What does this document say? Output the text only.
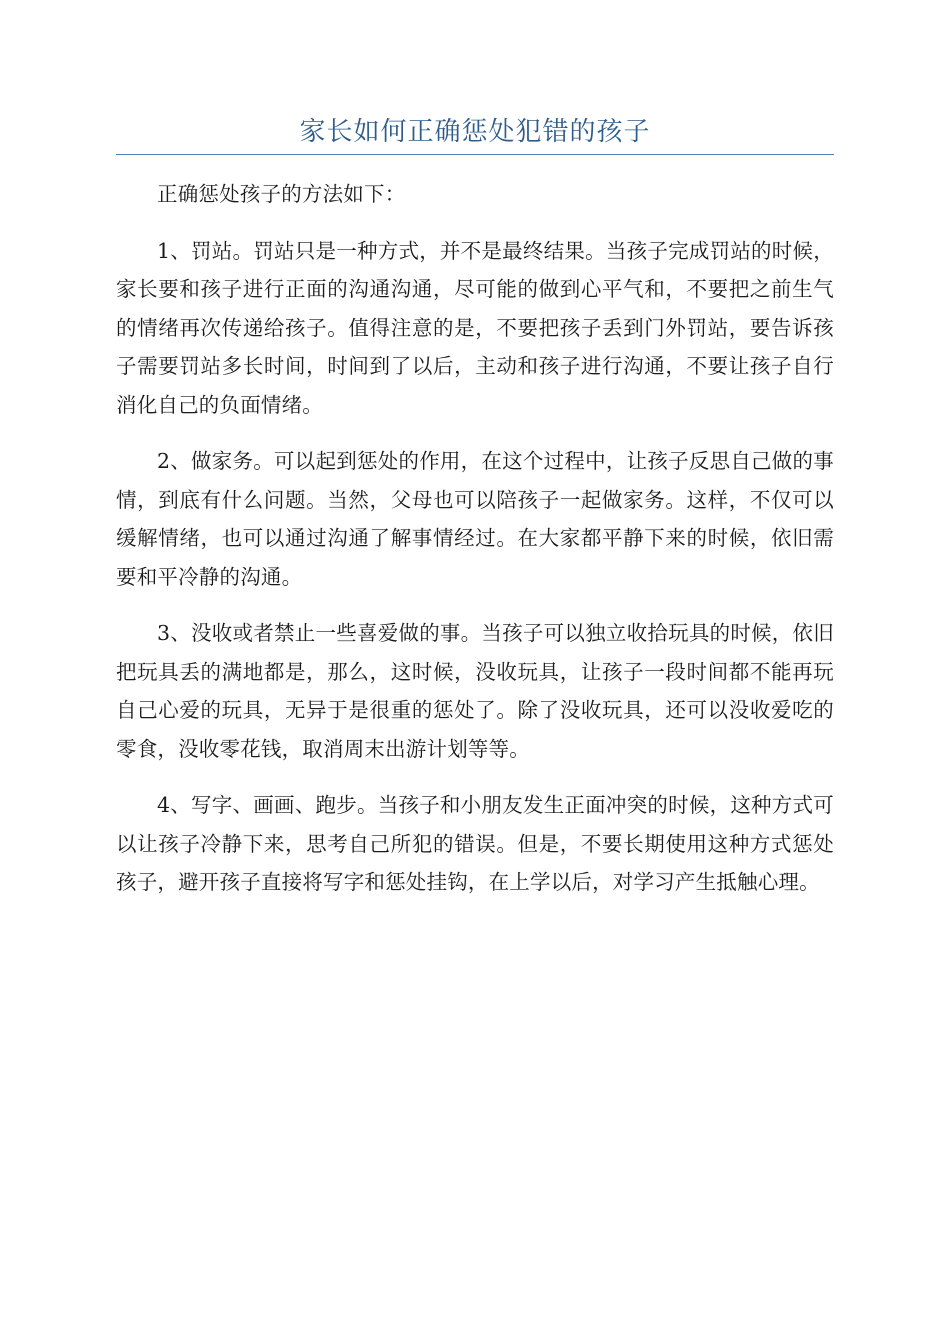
家长如何正确惩处犯错的孩子

正确惩处孩子的方法如下：

1、罚站。罚站只是一种方式，并不是最终结果。当孩子完成罚站的时候，家长要和孩子进行正面的沟通沟通，尽可能的做到心平气和，不要把之前生气的情绪再次传递给孩子。值得注意的是，不要把孩子丢到门外罚站，要告诉孩子需要罚站多长时间，时间到了以后，主动和孩子进行沟通，不要让孩子自行消化自己的负面情绪。

2、做家务。可以起到惩处的作用，在这个过程中，让孩子反思自己做的事情，到底有什么问题。当然，父母也可以陪孩子一起做家务。这样，不仅可以缓解情绪，也可以通过沟通了解事情经过。在大家都平静下来的时候，依旧需要和平冷静的沟通。

3、没收或者禁止一些喜爱做的事。当孩子可以独立收拾玩具的时候，依旧把玩具丢的满地都是，那么，这时候，没收玩具，让孩子一段时间都不能再玩自己心爱的玩具，无异于是很重的惩处了。除了没收玩具，还可以没收爱吃的零食，没收零花钱，取消周末出游计划等等。

4、写字、画画、跑步。当孩子和小朋友发生正面冲突的时候，这种方式可以让孩子冷静下来，思考自己所犯的错误。但是，不要长期使用这种方式惩处孩子，避开孩子直接将写字和惩处挂钩，在上学以后，对学习产生抵触心理。
